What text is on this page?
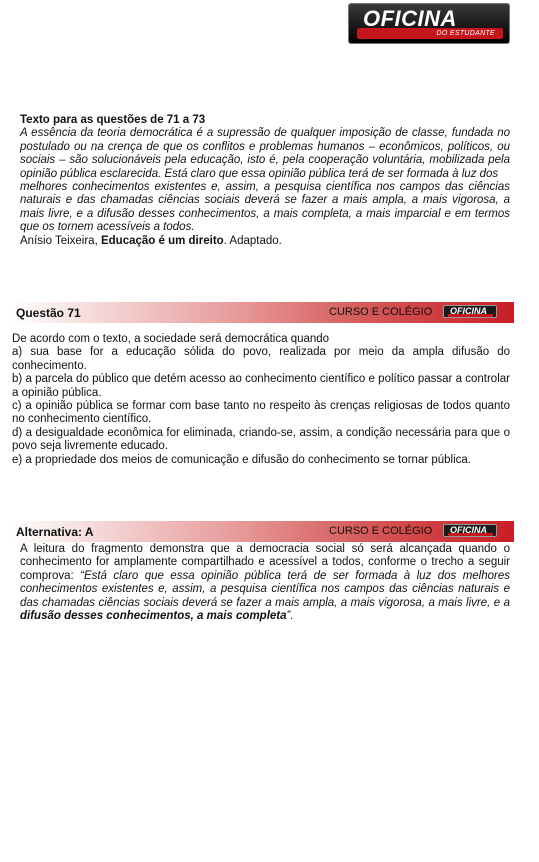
OFICINA
DO ESTUDANTE
Texto para as questões de 71 a 73
A essência da teoria democrática é a supressão de qualquer imposição de classe, fundada no postulado ou na crença de que os conflitos e problemas humanos – econômicos, políticos, ou sociais – são solucionáveis pela educação, isto é, pela cooperação voluntária, mobilizada pela opinião pública esclarecida. Está claro que essa opinião pública terá de ser formada à luz dos
melhores conhecimentos existentes e, assim, a pesquisa científica nos campos das ciências naturais e das chamadas ciências sociais deverá se fazer a mais ampla, a mais vigorosa, a mais livre, e a difusão desses conhecimentos, a mais completa, a mais imparcial e em termos que os tornem acessíveis a todos.
Anísio Teixeira, Educação é um direito. Adaptado.
Questão 71	CURSO E COLÉGIO OFICINA
De acordo com o texto, a sociedade será democrática quando
a) sua base for a educação sólida do povo, realizada por meio da ampla difusão do conhecimento.
b) a parcela do público que detém acesso ao conhecimento científico e político passar a controlar a opinião pública.
c) a opinião pública se formar com base tanto no respeito às crenças religiosas de todos quanto no conhecimento científico.
d) a desigualdade econômica for eliminada, criando-se, assim, a condição necessária para que o povo seja livremente educado.
e) a propriedade dos meios de comunicação e difusão do conhecimento se tornar pública.
Alternativa: A	CURSO E COLÉGIO OFICINA
A leitura do fragmento demonstra que a democracia social só será alcançada quando o conhecimento for amplamente compartilhado e acessível a todos, conforme o trecho a seguir comprova: “Está claro que essa opinião pública terá de ser formada à luz dos melhores conhecimentos existentes e, assim, a pesquisa científica nos campos das ciências naturais e das chamadas ciências sociais deverá se fazer a mais ampla, a mais vigorosa, a mais livre, e a difusão desses conhecimentos, a mais completa”.
